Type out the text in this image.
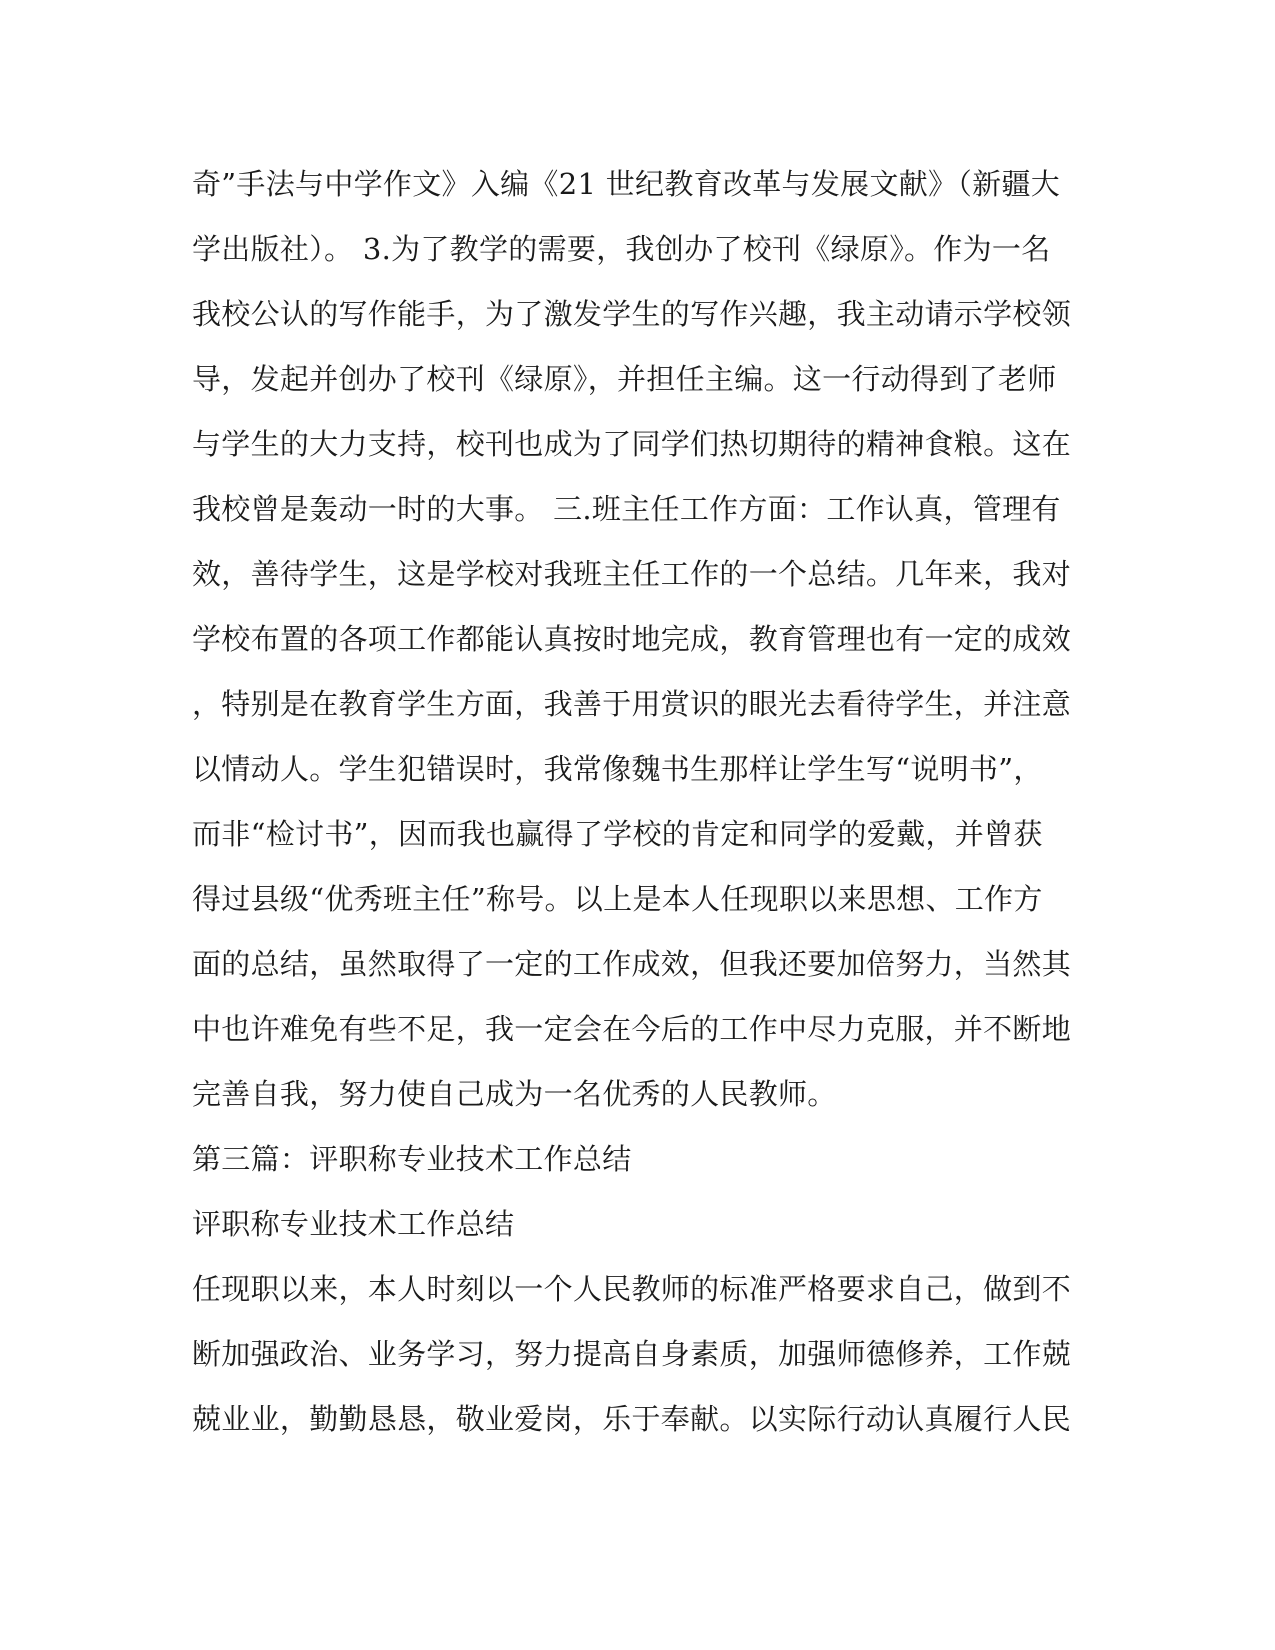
奇”手法与中学作文》入编《21 世纪教育改革与发展文献》（新疆大
学出版社）。 3.为了教学的需要，我创办了校刊《绿原》。作为一名
我校公认的写作能手，为了激发学生的写作兴趣，我主动请示学校领
导，发起并创办了校刊《绿原》，并担任主编。这一行动得到了老师
与学生的大力支持，校刊也成为了同学们热切期待的精神食粮。这在
我校曾是轰动一时的大事。 三.班主任工作方面：工作认真，管理有
效，善待学生，这是学校对我班主任工作的一个总结。几年来，我对
学校布置的各项工作都能认真按时地完成，教育管理也有一定的成效
，特别是在教育学生方面，我善于用赏识的眼光去看待学生，并注意
以情动人。学生犯错误时，我常像魏书生那样让学生写“说明书”，
而非“检讨书”，因而我也赢得了学校的肯定和同学的爱戴，并曾获
得过县级“优秀班主任”称号。以上是本人任现职以来思想、工作方
面的总结，虽然取得了一定的工作成效，但我还要加倍努力，当然其
中也许难免有些不足，我一定会在今后的工作中尽力克服，并不断地
完善自我，努力使自己成为一名优秀的人民教师。
第三篇：评职称专业技术工作总结
评职称专业技术工作总结
任现职以来，本人时刻以一个人民教师的标准严格要求自己，做到不
断加强政治、业务学习，努力提高自身素质，加强师德修养，工作兢
兢业业，勤勤恳恳，敬业爱岗，乐于奉献。以实际行动认真履行人民
